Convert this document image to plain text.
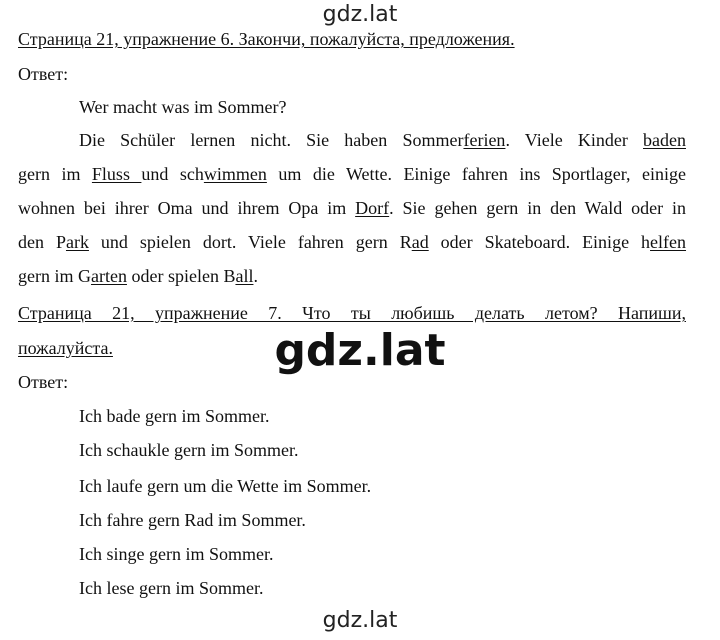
gdz.lat
Страница 21, упражнение 6. Закончи, пожалуйста, предложения.
Ответ:
Wer macht was im Sommer?
Die Schüler lernen nicht. Sie haben Sommerferien. Viele Kinder baden
gern im Fluss und schwimmen um die Wette. Einige fahren ins Sportlager, einige
wohnen bei ihrer Oma und ihrem Opa im Dorf. Sie gehen gern in den Wald oder in
den Park und spielen dort. Viele fahren gern Rad oder Skateboard. Einige helfen
gern im Garten oder spielen Ball.
Страница 21, упражнение 7. Что ты любишь делать летом? Напиши,
пожалуйста.	gdz.lat
Ответ:
Ich bade gern im Sommer.
Ich schaukle gern im Sommer.
Ich laufe gern um die Wette im Sommer.
Ich fahre gern Rad im Sommer.
Ich singe gern im Sommer.
Ich lese gern im Sommer.
gdz.lat
